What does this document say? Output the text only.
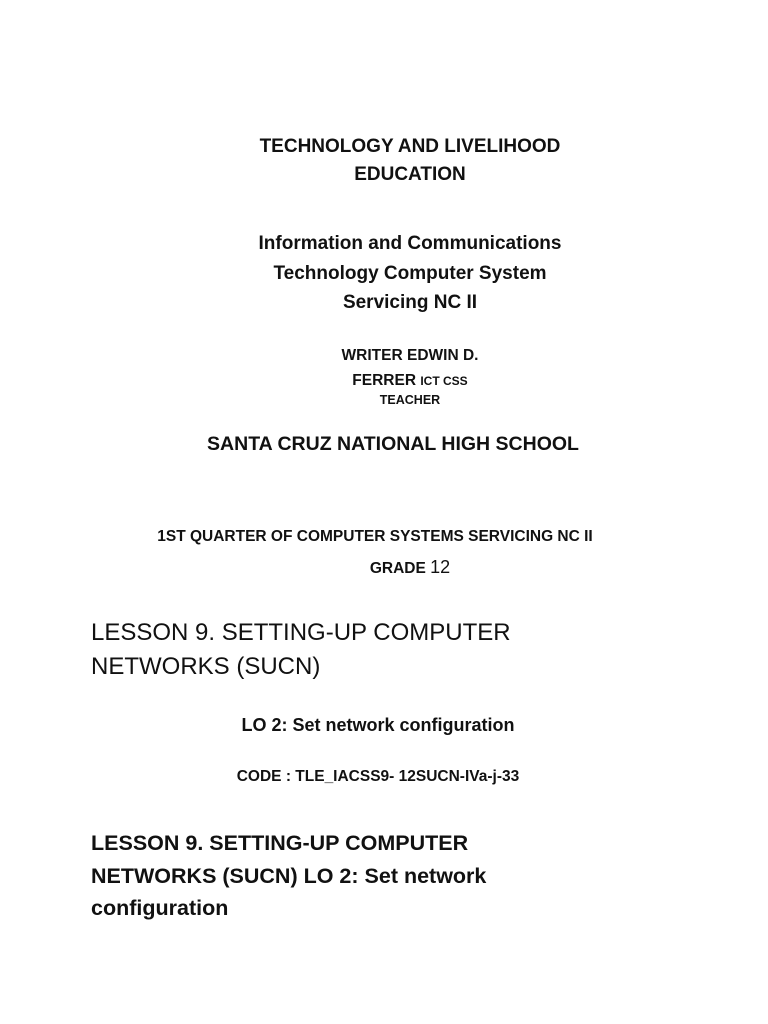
TECHNOLOGY AND LIVELIHOOD
EDUCATION
Information and Communications
Technology Computer System
Servicing NC II
WRITER EDWIN D.
FERRER ICT CSS
TEACHER
SANTA CRUZ NATIONAL HIGH SCHOOL
1ST QUARTER OF COMPUTER SYSTEMS SERVICING NC II
GRADE 12
LESSON 9. SETTING-UP COMPUTER
NETWORKS (SUCN)
LO 2: Set network configuration
CODE : TLE_IACSS9- 12SUCN-IVa-j-33
LESSON 9. SETTING-UP COMPUTER
NETWORKS (SUCN) LO 2: Set network
configuration
